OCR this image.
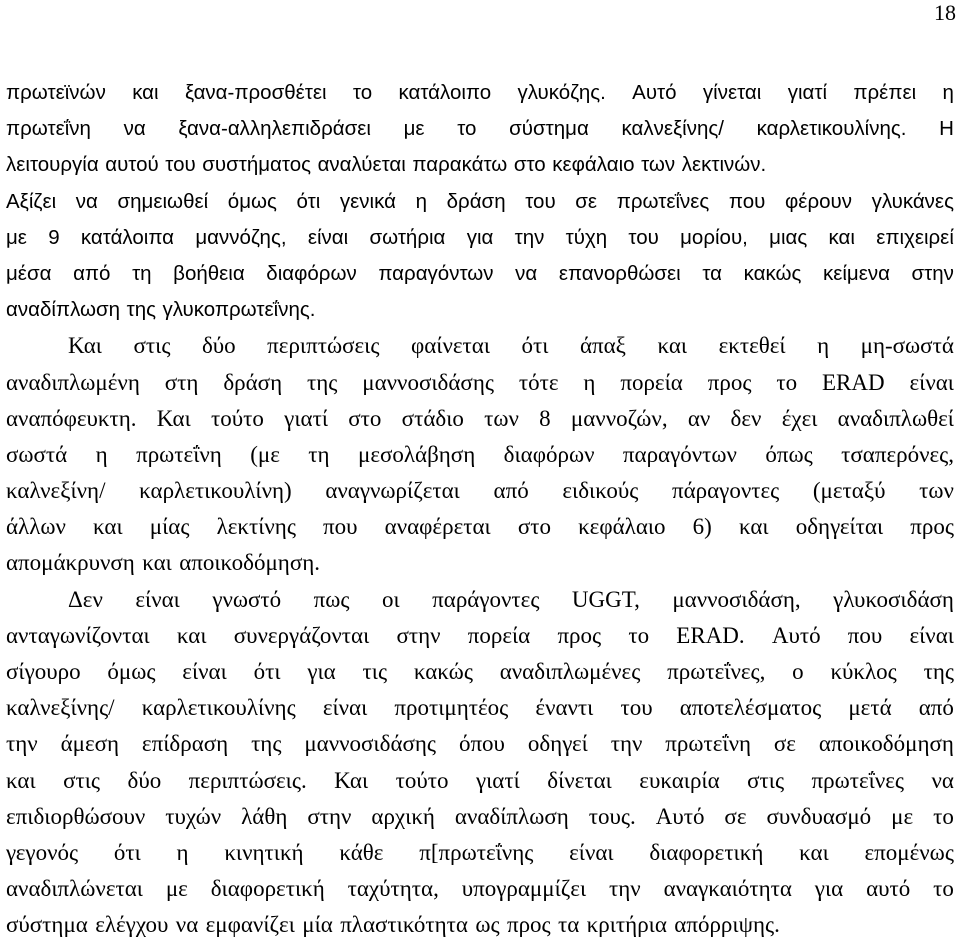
18
πρωτεϊνών και ξανα-προσθέτει το κατάλοιπο γλυκόζης. Αυτό γίνεται γιατί πρέπει η
πρωτεΐνη να ξανα-αλληλεπιδράσει με το σύστημα καλνεξίνης/ καρλετικουλίνης. Η
λειτουργία αυτού του συστήματος αναλύεται παρακάτω στο κεφάλαιο των λεκτινών.
Αξίζει να σημειωθεί όμως ότι γενικά η δράση του σε πρωτεΐνες που φέρουν γλυκάνες
με 9 κατάλοιπα μαννόζης, είναι σωτήρια για την τύχη του μορίου, μιας και επιχειρεί
μέσα από τη βοήθεια διαφόρων παραγόντων να επανορθώσει τα κακώς κείμενα στην
αναδίπλωση της γλυκοπρωτεΐνης.
Και στις δύο περιπτώσεις φαίνεται ότι άπαξ και εκτεθεί η μη-σωστά
αναδιπλωμένη στη δράση της μαννοσιδάσης τότε η πορεία προς το ERAD είναι
αναπόφευκτη. Και τούτο γιατί στο στάδιο των 8 μαννοζών, αν δεν έχει αναδιπλωθεί
σωστά η πρωτεΐνη (με τη μεσολάβηση διαφόρων παραγόντων όπως τσαπερόνες,
καλνεξίνη/ καρλετικουλίνη) αναγνωρίζεται από ειδικούς πάραγοντες (μεταξύ των
άλλων και μίας λεκτίνης που αναφέρεται στο κεφάλαιο 6) και οδηγείται προς
απομάκρυνση και αποικοδόμηση.
Δεν είναι γνωστό πως οι παράγοντες UGGT, μαννοσιδάση, γλυκοσιδάση
ανταγωνίζονται και συνεργάζονται στην πορεία προς το ERAD. Αυτό που είναι
σίγουρο όμως είναι ότι για τις κακώς αναδιπλωμένες πρωτεΐνες, ο κύκλος της
καλνεξίνης/ καρλετικουλίνης είναι προτιμητέος έναντι του αποτελέσματος μετά από
την άμεση επίδραση της μαννοσιδάσης όπου οδηγεί την πρωτεΐνη σε αποικοδόμηση
και στις δύο περιπτώσεις. Και τούτο γιατί δίνεται ευκαιρία στις πρωτεΐνες να
επιδιορθώσουν τυχών λάθη στην αρχική αναδίπλωση τους. Αυτό σε συνδυασμό με το
γεγονός ότι η κινητική κάθε π[πρωτεΐνης είναι διαφορετική και επομένως
αναδιπλώνεται με διαφορετική ταχύτητα, υπογραμμίζει την αναγκαιότητα για αυτό το
σύστημα ελέγχου να εμφανίζει μία πλαστικότητα ως προς τα κριτήρια απόρριψης.
